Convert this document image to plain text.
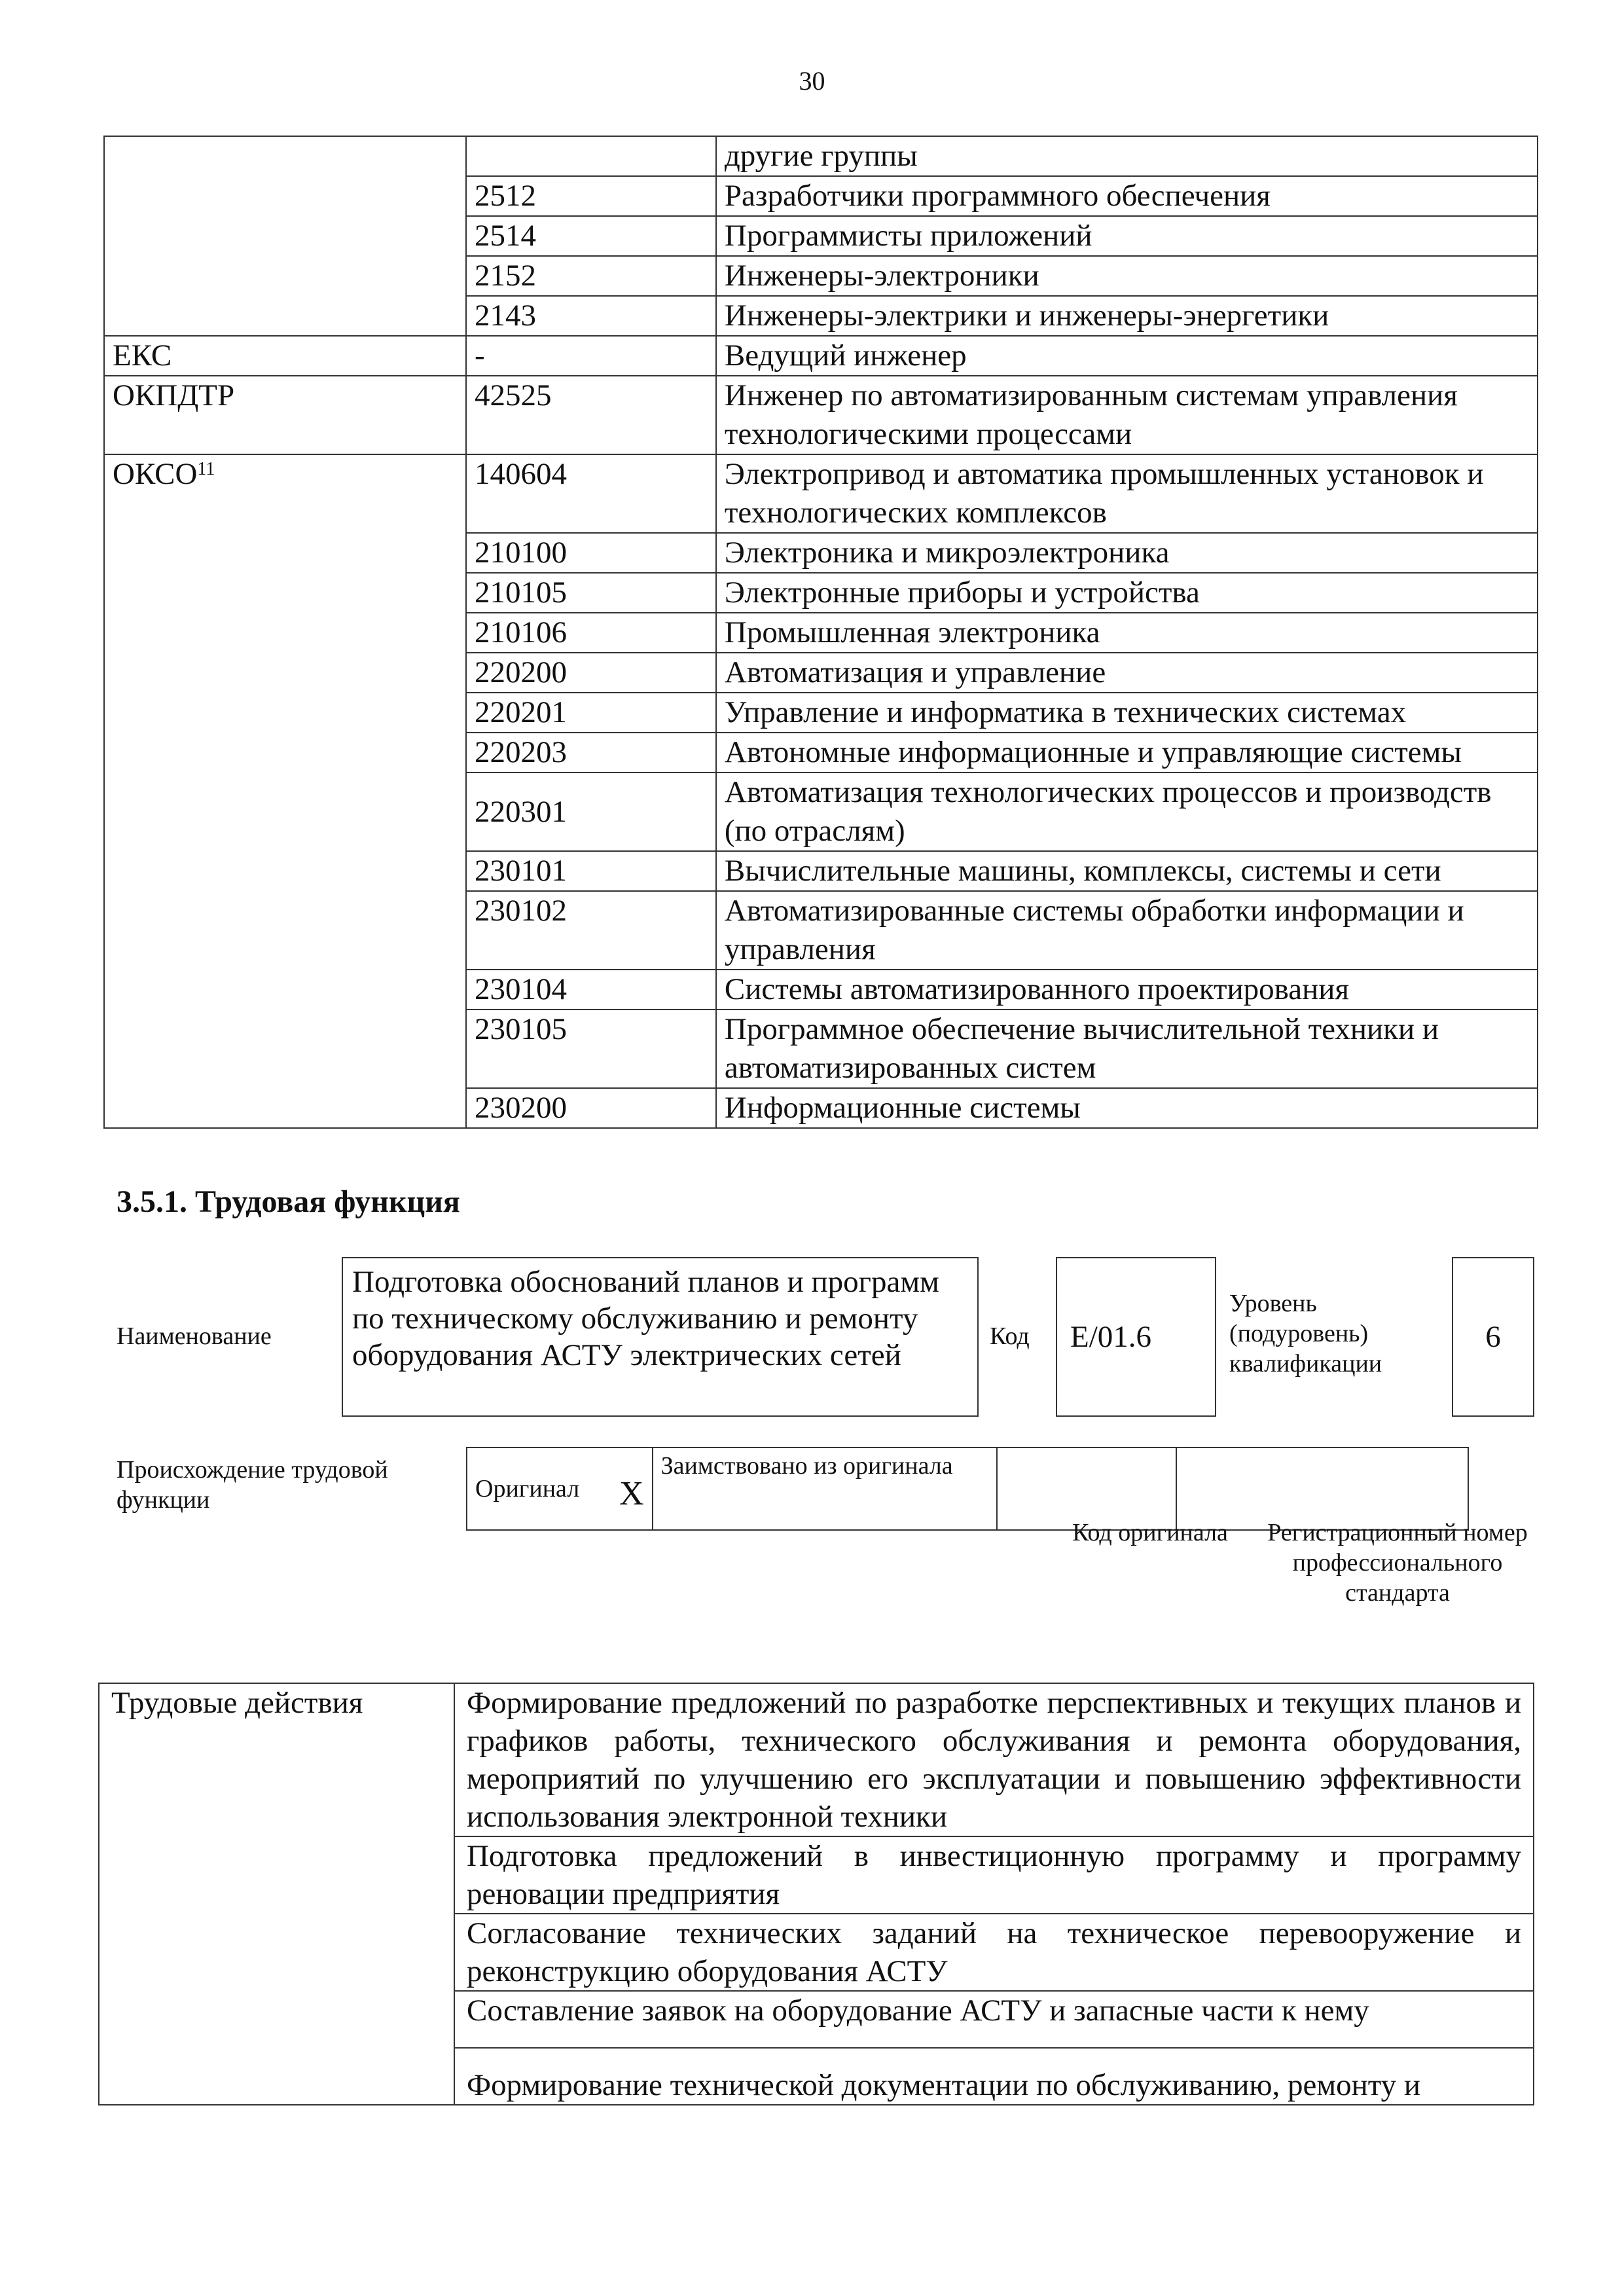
30
		другие группы
	2512	Разработчики программного обеспечения
	2514	Программисты приложений
	2152	Инженеры-электроники
	2143	Инженеры-электрики и инженеры-энергетики
ЕКС	-	Ведущий инженер
ОКПДТР	42525	Инженер по автоматизированным системам управления технологическими процессами
ОКСО$^{11}$	140604	Электропривод и автоматика промышленных установок и технологических комплексов
	210100	Электроника и микроэлектроника
	210105	Электронные приборы и устройства
	210106	Промышленная электроника
	220200	Автоматизация и управление
	220201	Управление и информатика в технических системах
	220203	Автономные информационные и управляющие системы
	220301	Автоматизация технологических процессов и производств (по отраслям)
	230101	Вычислительные машины, комплексы, системы и сети
	230102	Автоматизированные системы обработки информации и управления
	230104	Системы автоматизированного проектирования
	230105	Программное обеспечение вычислительной техники и автоматизированных систем
	230200	Информационные системы
3.5.1. Трудовая функция
Наименование
Подготовка обоснований планов и программ по техническому обслуживанию и ремонту оборудования АСТУ электрических сетей
Код E/01.6
Уровень (подуровень) квалификации
6
Происхождение трудовой функции	Оригинал	X	Заимствовано из оригинала		
Код оригинала	Регистрационный номер профессионального стандарта
Трудовые действия	Формирование предложений по разработке перспективных и текущих планов и графиков работы, технического обслуживания и ремонта оборудования, мероприятий по улучшению его эксплуатации и повышению эффективности использования электронной техники
Подготовка предложений в инвестиционную программу и программу реновации предприятия
Согласование технических заданий на техническое перевооружение и реконструкцию оборудования АСТУ
Составление заявок на оборудование АСТУ и запасные части к нему
Формирование технической документации по обслуживанию, ремонту и
